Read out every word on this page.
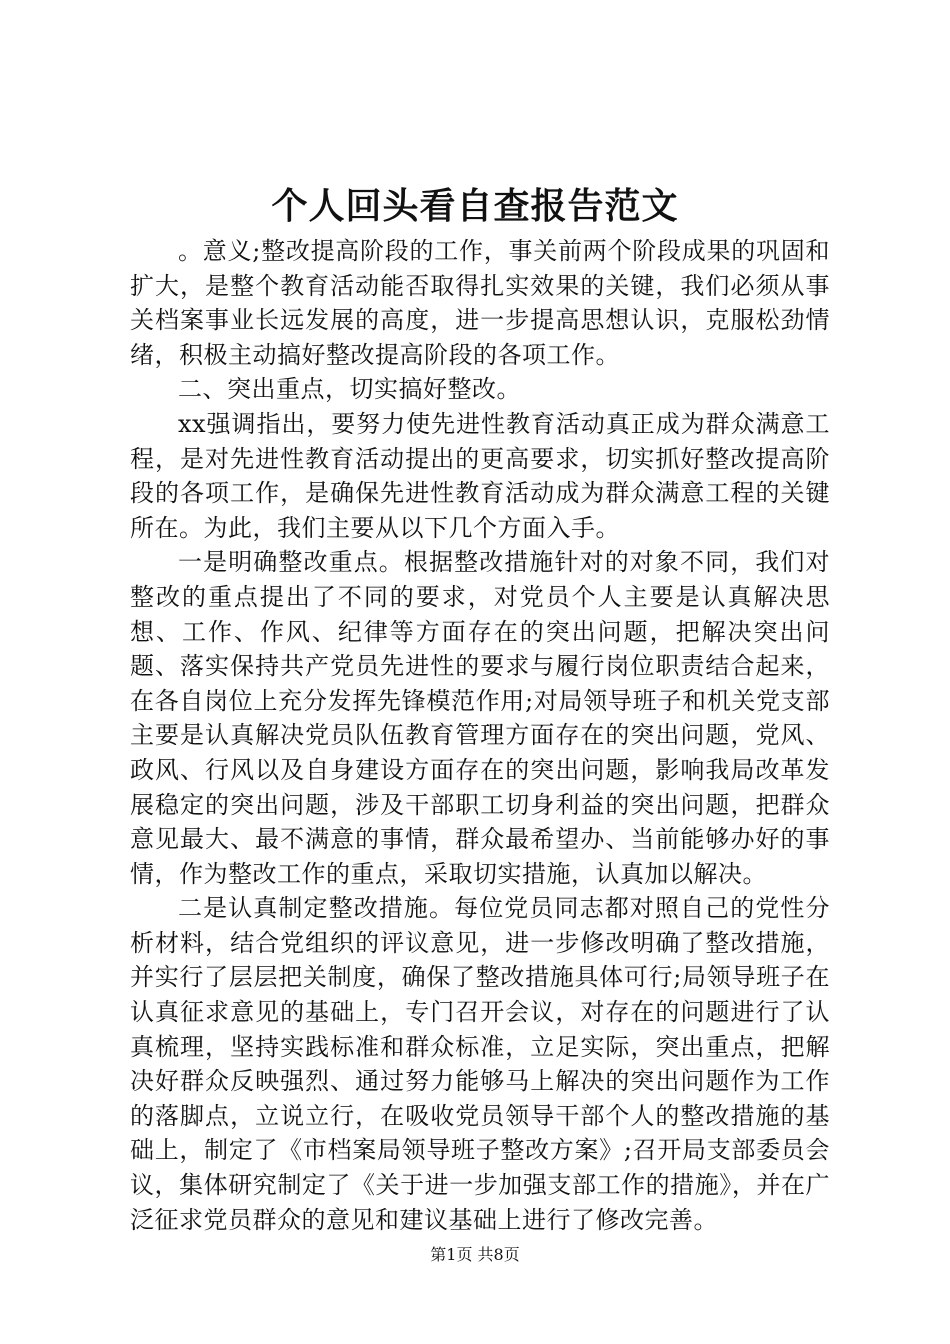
个人回头看自查报告范文

。意义;整改提高阶段的工作，事关前两个阶段成果的巩固和扩大，是整个教育活动能否取得扎实效果的关键，我们必须从事关档案事业长远发展的高度，进一步提高思想认识，克服松劲情绪，积极主动搞好整改提高阶段的各项工作。

二、突出重点，切实搞好整改。

xx强调指出，要努力使先进性教育活动真正成为群众满意工程，是对先进性教育活动提出的更高要求，切实抓好整改提高阶段的各项工作，是确保先进性教育活动成为群众满意工程的关键所在。为此，我们主要从以下几个方面入手。

一是明确整改重点。根据整改措施针对的对象不同，我们对整改的重点提出了不同的要求，对党员个人主要是认真解决思想、工作、作风、纪律等方面存在的突出问题，把解决突出问题、落实保持共产党员先进性的要求与履行岗位职责结合起来，在各自岗位上充分发挥先锋模范作用;对局领导班子和机关党支部主要是认真解决党员队伍教育管理方面存在的突出问题，党风、政风、行风以及自身建设方面存在的突出问题，影响我局改革发展稳定的突出问题，涉及干部职工切身利益的突出问题，把群众意见最大、最不满意的事情，群众最希望办、当前能够办好的事情，作为整改工作的重点，采取切实措施，认真加以解决。

二是认真制定整改措施。每位党员同志都对照自己的党性分析材料，结合党组织的评议意见，进一步修改明确了整改措施，并实行了层层把关制度，确保了整改措施具体可行;局领导班子在认真征求意见的基础上，专门召开会议，对存在的问题进行了认真梳理，坚持实践标准和群众标准，立足实际，突出重点，把解决好群众反映强烈、通过努力能够马上解决的突出问题作为工作的落脚点，立说立行，在吸收党员领导干部个人的整改措施的基础上，制定了《市档案局领导班子整改方案》;召开局支部委员会议，集体研究制定了《关于进一步加强支部工作的措施》，并在广泛征求党员群众的意见和建议基础上进行了修改完善。

第1页 共8页
